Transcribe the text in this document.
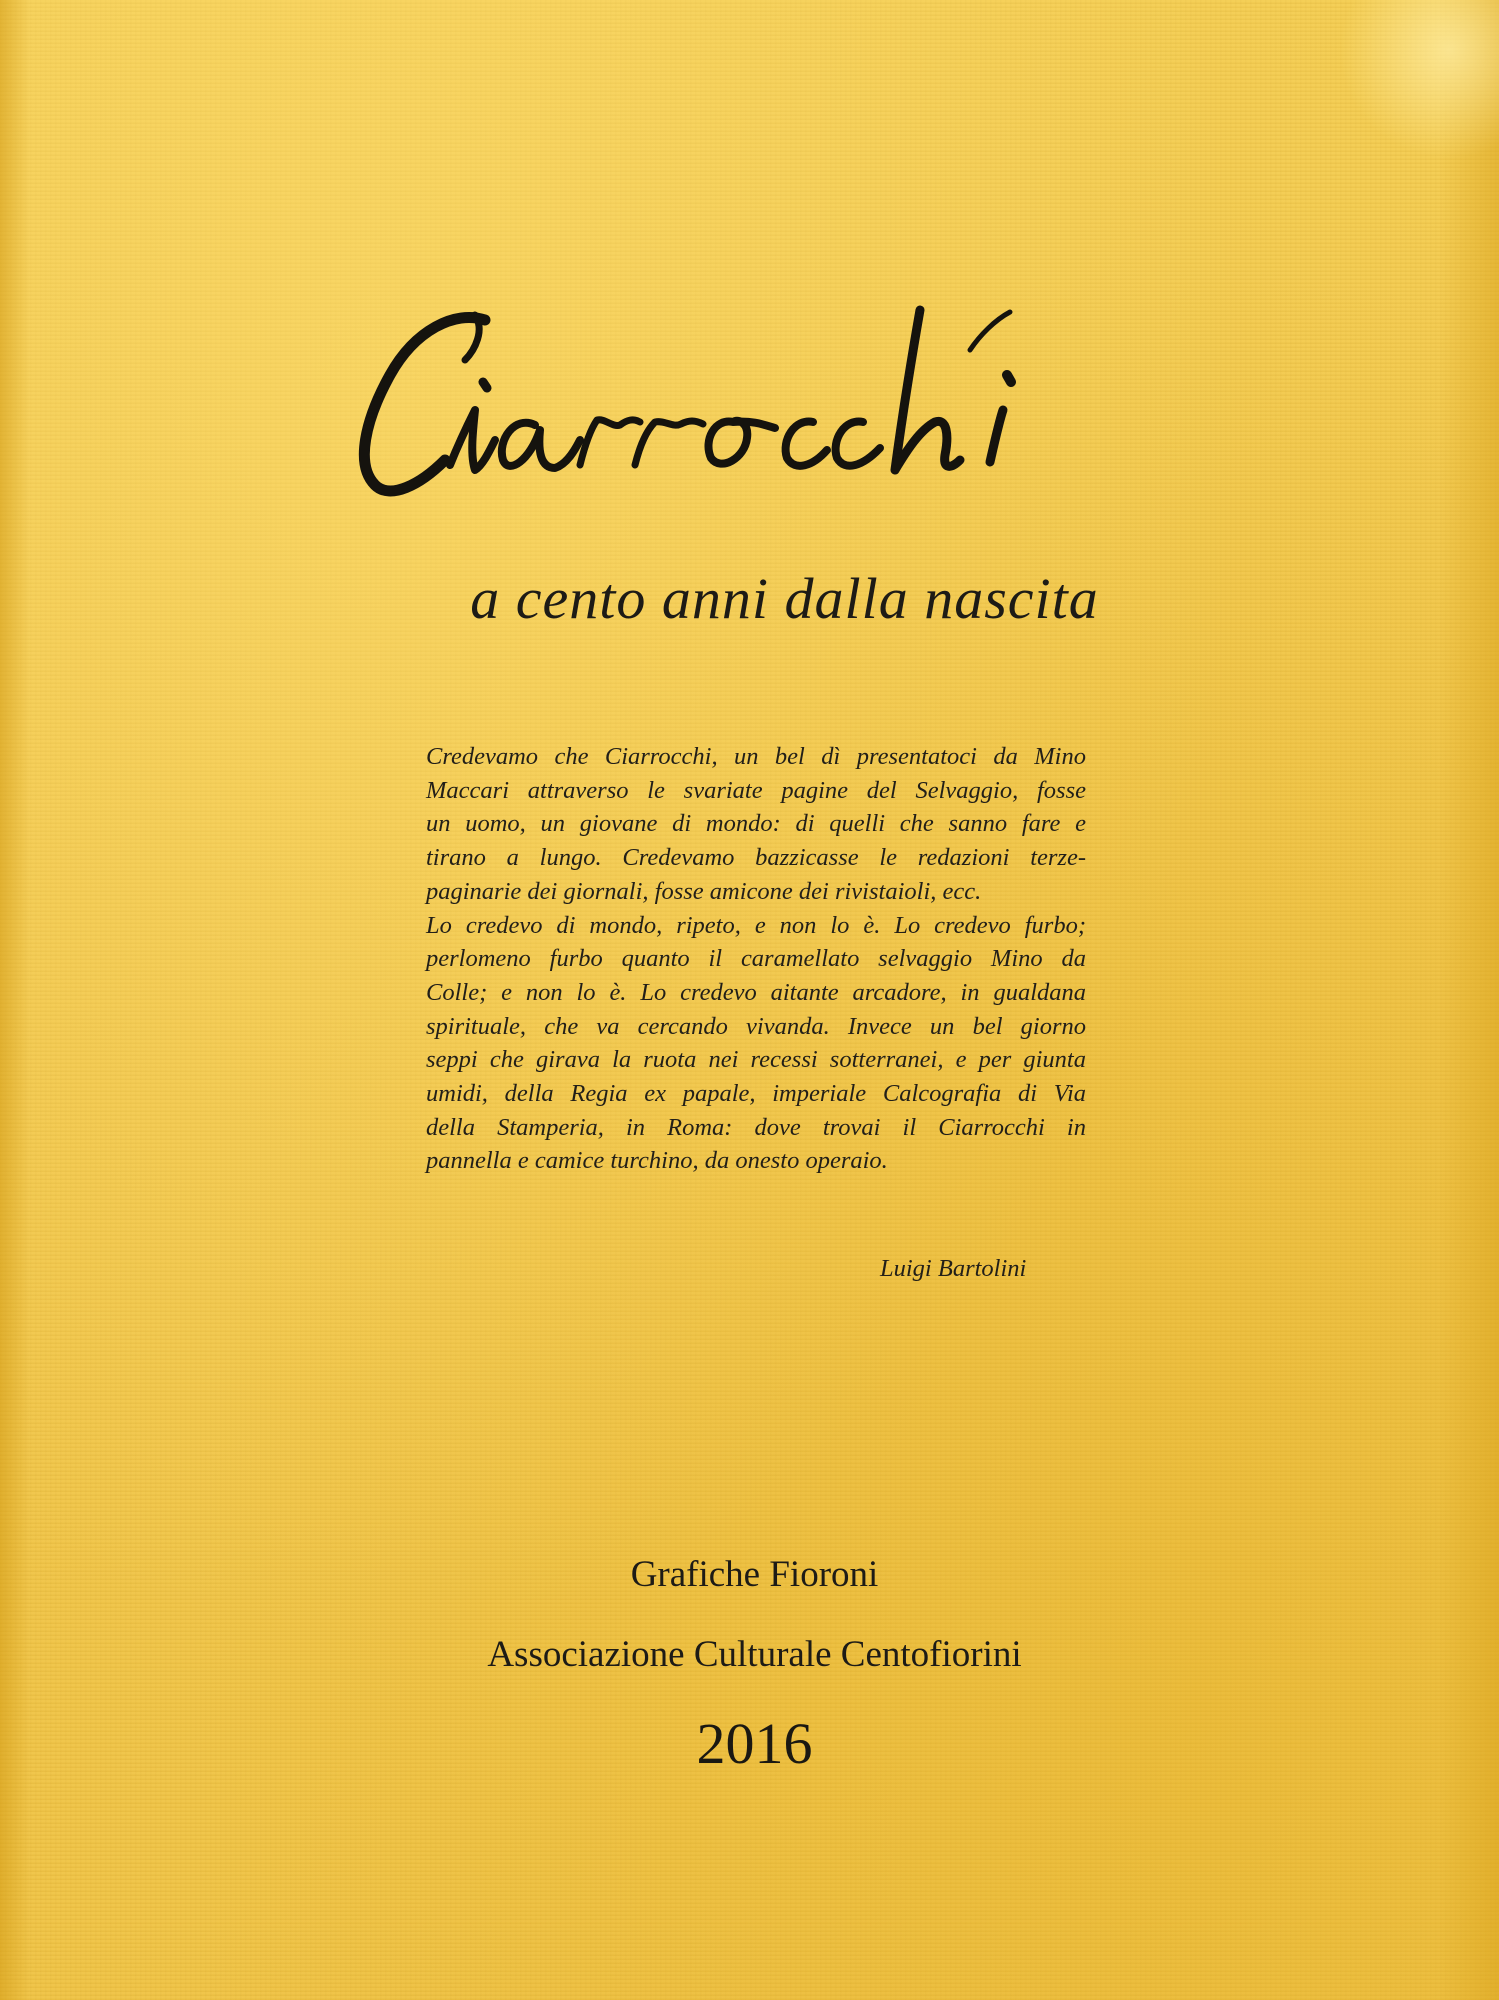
a cento anni dalla nascita
Credevamo che Ciarrocchi, un bel dì presentatoci da Mino
Maccari attraverso le svariate pagine del Selvaggio, fosse
un uomo, un giovane di mondo: di quelli che sanno fare e
tirano a lungo. Credevamo bazzicasse le redazioni terze-
paginarie dei giornali, fosse amicone dei rivistaioli, ecc.
Lo credevo di mondo, ripeto, e non lo è. Lo credevo furbo;
perlomeno furbo quanto il caramellato selvaggio Mino da
Colle; e non lo è. Lo credevo aitante arcadore, in gualdana
spirituale, che va cercando vivanda. Invece un bel giorno
seppi che girava la ruota nei recessi sotterranei, e per giunta
umidi, della Regia ex papale, imperiale Calcografia di Via
della Stamperia, in Roma: dove trovai il Ciarrocchi in
pannella e camice turchino, da onesto operaio.
Luigi Bartolini
Grafiche Fioroni
Associazione Culturale Centofiorini
2016
